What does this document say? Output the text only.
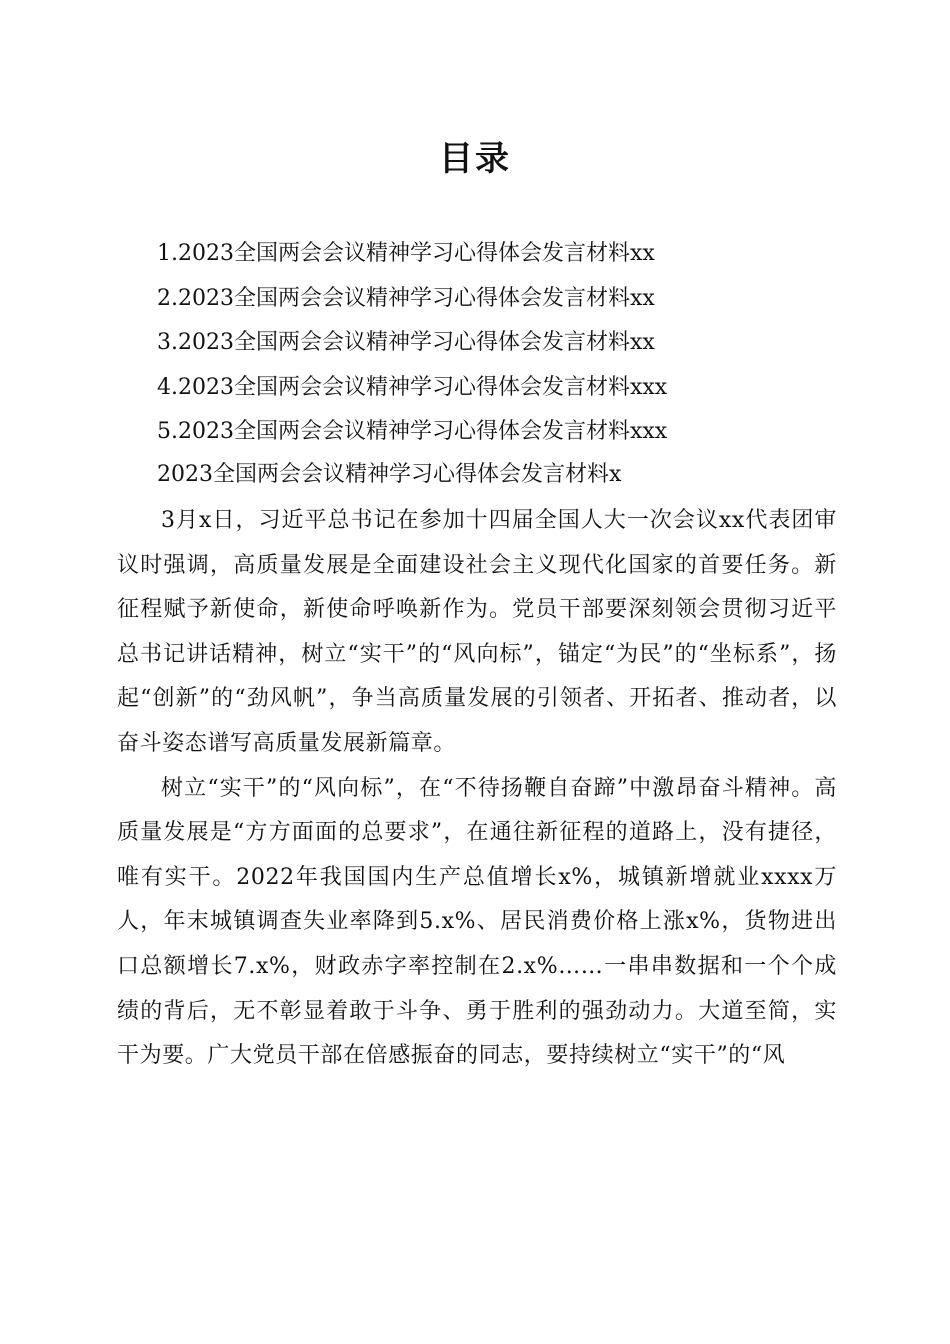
目录
1.2023全国两会会议精神学习心得体会发言材料xx
2.2023全国两会会议精神学习心得体会发言材料xx
3.2023全国两会会议精神学习心得体会发言材料xx
4.2023全国两会会议精神学习心得体会发言材料xxx
5.2023全国两会会议精神学习心得体会发言材料xxx
2023全国两会会议精神学习心得体会发言材料x

3月x日，习近平总书记在参加十四届全国人大一次会议xx代表团审议时强调，高质量发展是全面建设社会主义现代化国家的首要任务。新征程赋予新使命，新使命呼唤新作为。党员干部要深刻领会贯彻习近平总书记讲话精神，树立“实干”的“风向标”，锚定“为民”的“坐标系”，扬起“创新”的“劲风帆”，争当高质量发展的引领者、开拓者、推动者，以奋斗姿态谱写高质量发展新篇章。

树立“实干”的“风向标”，在“不待扬鞭自奋蹄”中激昂奋斗精神。高质量发展是“方方面面的总要求”，在通往新征程的道路上，没有捷径，唯有实干。2022年我国国内生产总值增长x%，城镇新增就业xxxx万人，年末城镇调查失业率降到5.x%、居民消费价格上涨x%，货物进出口总额增长7.x%，财政赤字率控制在2.x%……一串串数据和一个个成绩的背后，无不彰显着敢于斗争、勇于胜利的强劲动力。大道至简，实干为要。广大党员干部在倍感振奋的同志，要持续树立“实干”的“风
